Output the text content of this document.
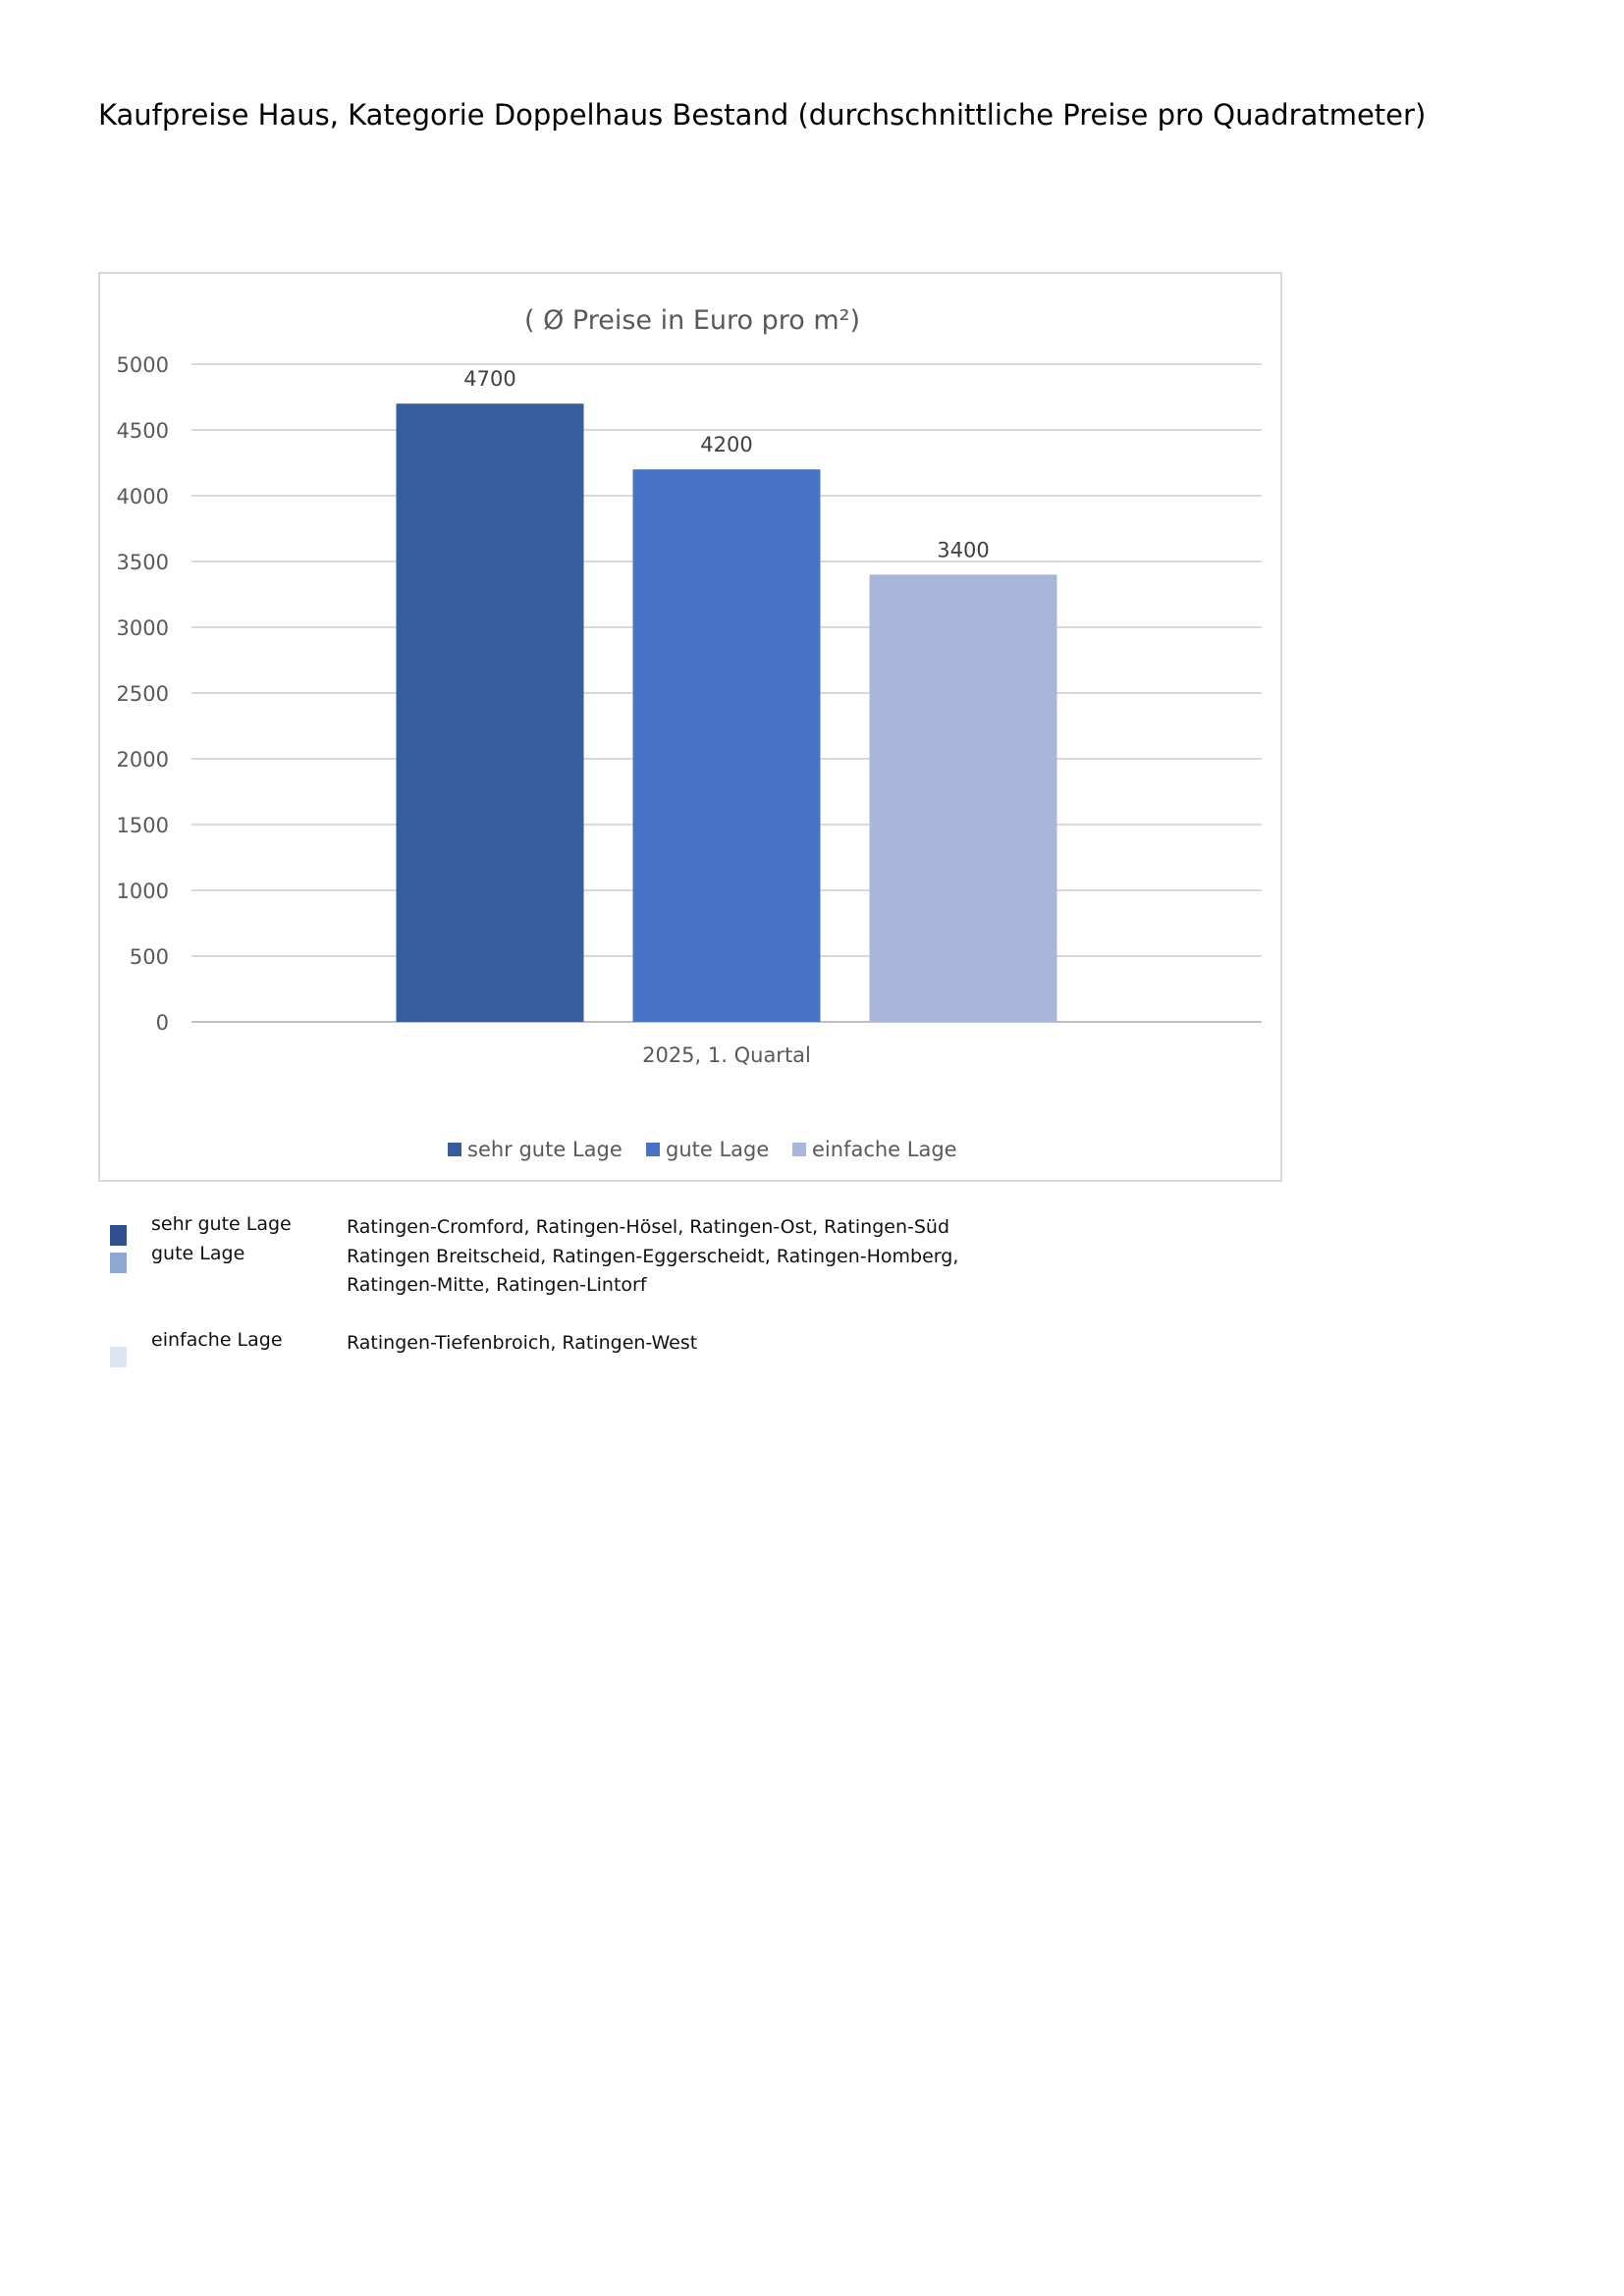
Kaufpreise Haus, Kategorie Doppelhaus Bestand (durchschnittliche Preise pro Quadratmeter)
( Ø Preise in Euro pro m²)
0
500
1000
1500
2000
2500
3000
3500
4000
4500
5000
4700
4200
3400
2025, 1. Quartal
sehr gute Lage gute Lage einfache Lage
sehr gute Lage	Ratingen-Cromford, Ratingen-Hösel, Ratingen-Ost, Ratingen-Süd
gute Lage	Ratingen Breitscheid, Ratingen-Eggerscheidt, Ratingen-Homberg,
Ratingen-Mitte, Ratingen-Lintorf
einfache Lage	Ratingen-Tiefenbroich, Ratingen-West
